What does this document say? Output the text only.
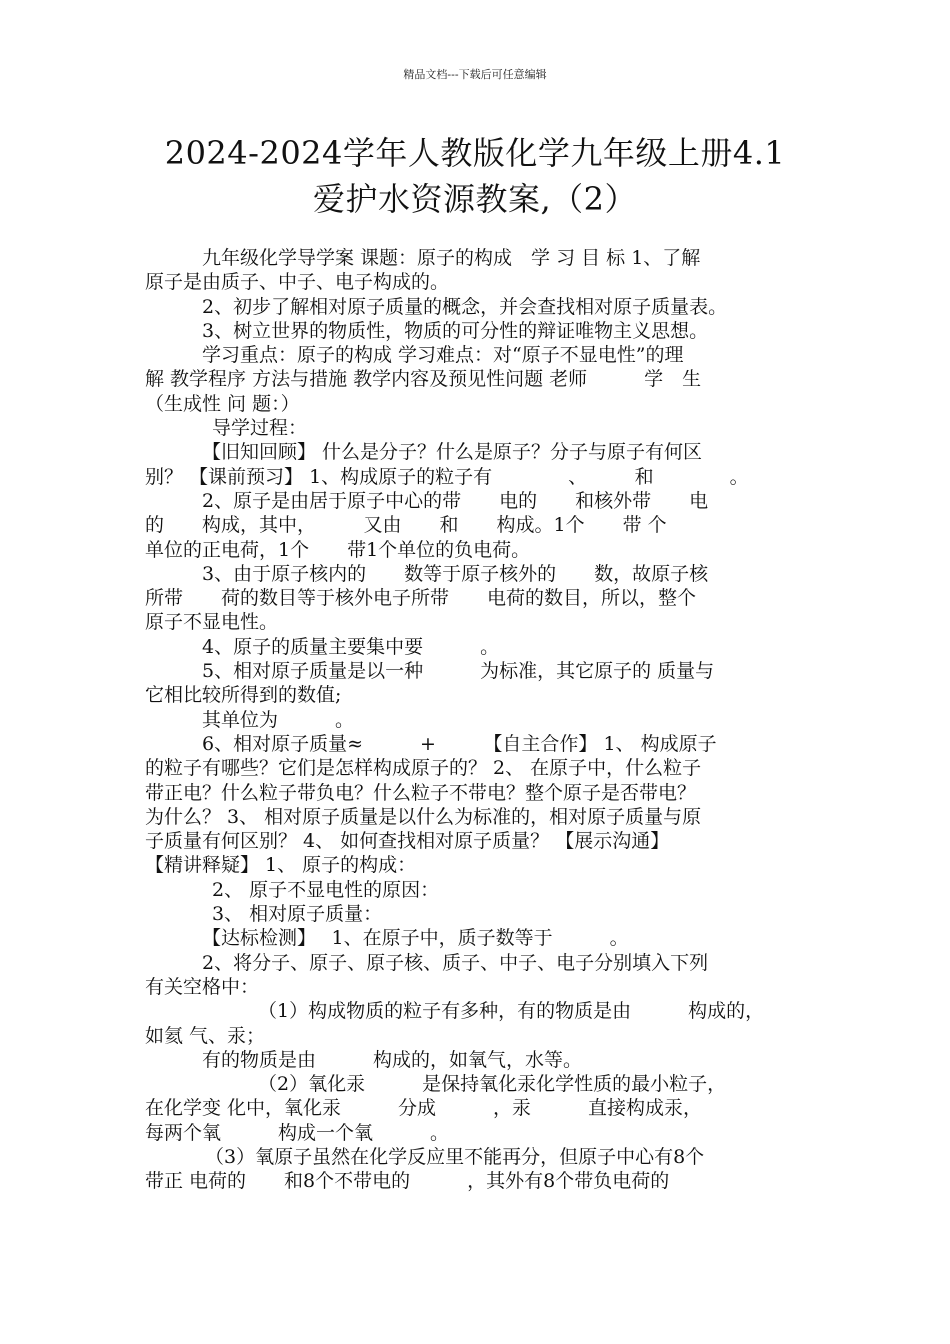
精品文档---下载后可任意编辑
2024-2024学年人教版化学九年级上册4.1
爱护水资源教案,（2）
九年级化学导学案 课题：原子的构成　学 习 目 标 1、了解
原子是由质子、中子、电子构成的。
2、初步了解相对原子质量的概念，并会查找相对原子质量表。
3、树立世界的物质性，物质的可分性的辩证唯物主义思想。
学习重点：原子的构成 学习难点：对“原子不显电性”的理
解 教学程序 方法与措施 教学内容及预见性问题 老师　　　学　生
（生成性 问 题：）
导学过程：
【旧知回顾】 什么是分子？什么是原子？分子与原子有何区
别？ 【课前预习】 1、构成原子的粒子有　　　　、　　　和　　　　。
2、原子是由居于原子中心的带　　电的　　和核外带　　电
的　　构成，其中，　　　又由　　和　　构成。1个　　带 个
单位的正电荷，1个　　带1个单位的负电荷。
3、由于原子核内的　　数等于原子核外的　　数，故原子核
所带　　荷的数目等于核外电子所带　　电荷的数目，所以，整个
原子不显电性。
4、原子的质量主要集中要　　　。
5、相对原子质量是以一种　　　为标准，其它原子的 质量与
它相比较所得到的数值;
其单位为　　　。
6、相对原子质量≈　　　+　　　【自主合作】 1、 构成原子
的粒子有哪些？它们是怎样构成原子的？ 2、 在原子中，什么粒子
带正电？什么粒子带负电？什么粒子不带电？整个原子是否带电？
为什么？ 3、 相对原子质量是以什么为标准的，相对原子质量与原
子质量有何区别？ 4、 如何查找相对原子质量？ 【展示沟通】
【精讲释疑】 1、 原子的构成：
2、 原子不显电性的原因：
3、 相对原子质量：
【达标检测】　 1、在原子中，质子数等于　　　。
2、将分子、原子、原子核、质子、中子、电子分别填入下列
有关空格中：
（1）构成物质的粒子有多种，有的物质是由　　　构成的，
如氦 气、汞；
有的物质是由　　　构成的，如氧气，水等。
（2）氧化汞　　　是保持氧化汞化学性质的最小粒子，
在化学变 化中，氧化汞　　　分成　　　，汞　　　直接构成汞，
每两个氧　　　构成一个氧　　　。
（3）氧原子虽然在化学反应里不能再分，但原子中心有8个
带正 电荷的　　和8个不带电的　　　，其外有8个带负电荷的
